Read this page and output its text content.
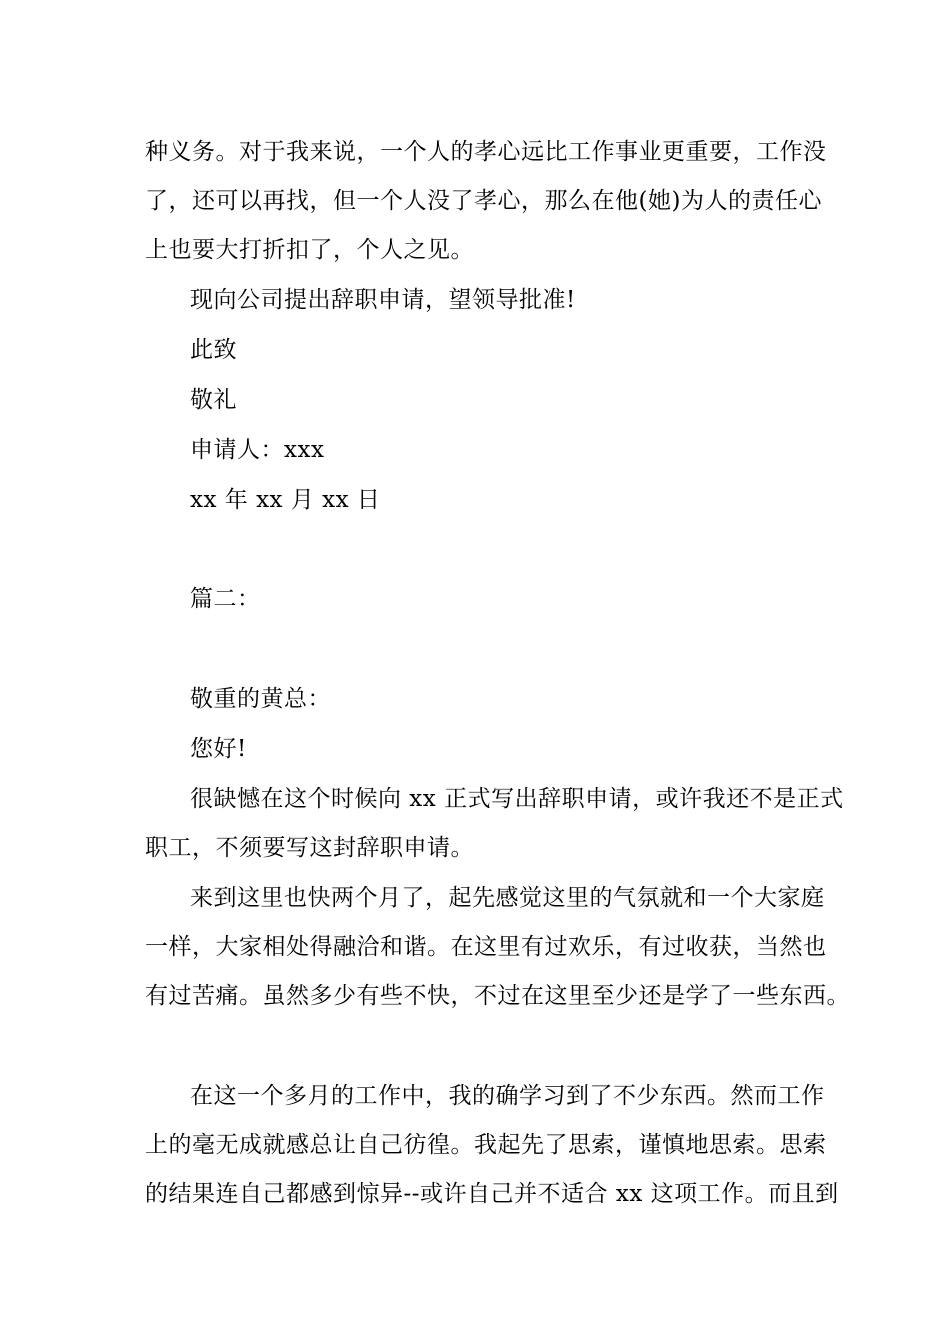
种义务。对于我来说，一个人的孝心远比工作事业更重要，工作没
了，还可以再找，但一个人没了孝心，那么在他(她)为人的责任心
上也要大打折扣了，个人之见。
现向公司提出辞职申请，望领导批准!
此致
敬礼
申请人：xxx
xx 年 xx 月 xx 日
篇二：
敬重的黄总：
您好!
很缺憾在这个时候向 xx 正式写出辞职申请，或许我还不是正式
职工，不须要写这封辞职申请。
来到这里也快两个月了，起先感觉这里的气氛就和一个大家庭
一样，大家相处得融洽和谐。在这里有过欢乐，有过收获，当然也
有过苦痛。虽然多少有些不快，不过在这里至少还是学了一些东西。
在这一个多月的工作中，我的确学习到了不少东西。然而工作
上的毫无成就感总让自己彷徨。我起先了思索，谨慎地思索。思索
的结果连自己都感到惊异--或许自己并不适合 xx 这项工作。而且到
